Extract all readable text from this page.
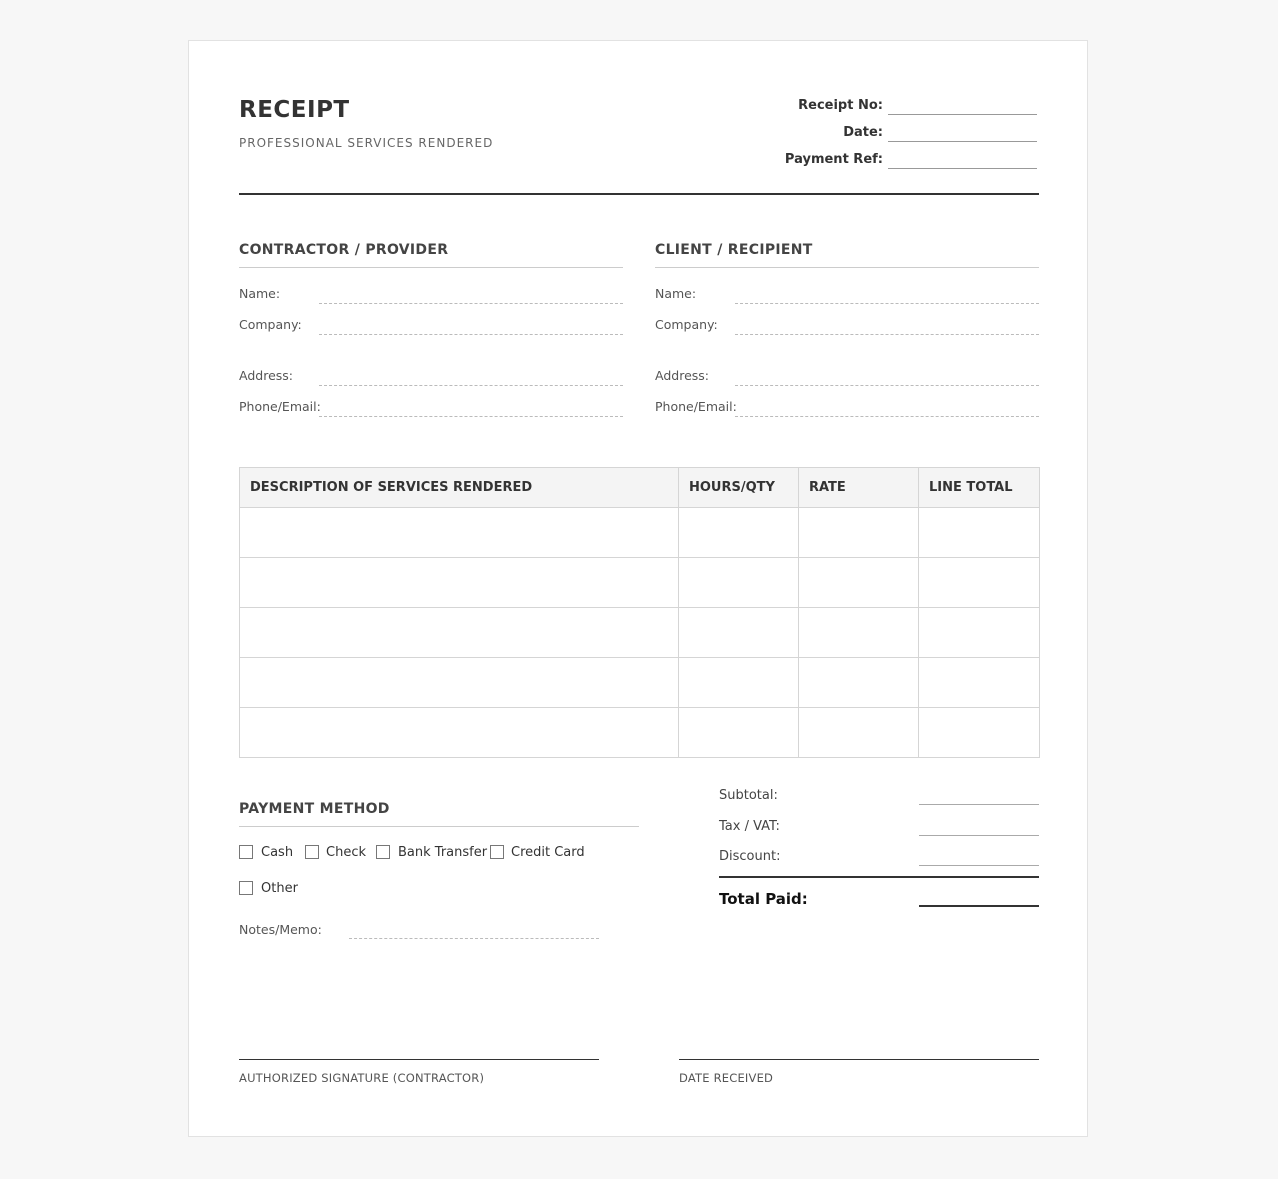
RECEIPT
PROFESSIONAL SERVICES RENDERED
Receipt No:
Date:
Payment Ref:
CONTRACTOR / PROVIDER
Name:
Company:
Address:
Phone/Email:
CLIENT / RECIPIENT
Name:
Company:
Address:
Phone/Email:
DESCRIPTION OF SERVICES RENDERED	HOURS/QTY	RATE	LINE TOTAL

PAYMENT METHOD
Cash	Check Bank Transfer Credit Card
Other
Notes/Memo:
Subtotal:
Tax / VAT:
Discount:
Total Paid:
AUTHORIZED SIGNATURE (CONTRACTOR)	DATE RECEIVED
